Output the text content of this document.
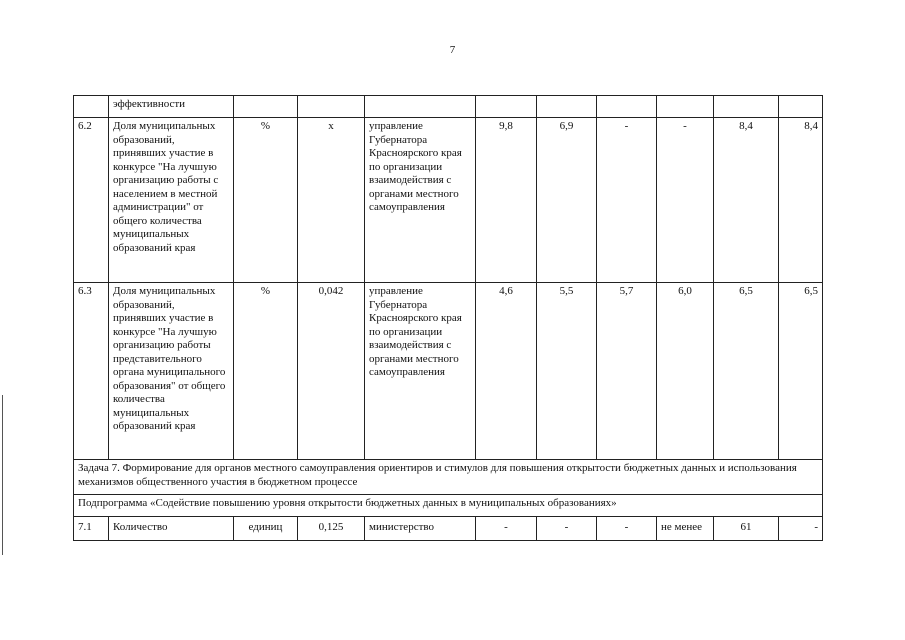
7
	эффективности									
6.2	Доля муниципальных образований, принявших участие в конкурсе "На лучшую организацию работы с населением в местной администрации" от общего количества муниципальных образований края	%	х	управление Губернатора Красноярского края по организации взаимодействия с органами местного самоуправления	9,8	6,9	-	-	8,4	8,4
6.3	Доля муниципальных образований, принявших участие в конкурсе "На лучшую организацию работы представительного органа муниципального образования" от общего количества муниципальных образований края	%	0,042	управление Губернатора Красноярского края по организации взаимодействия с органами местного самоуправления	4,6	5,5	5,7	6,0	6,5	6,5
Задача 7. Формирование для органов местного самоуправления ориентиров и стимулов для повышения открытости бюджетных данных и использования механизмов общественного участия в бюджетном процессе										
Подпрограмма «Содействие повышению уровня открытости бюджетных данных в муниципальных образованиях»										
7.1	Количество	единиц	0,125	министерство	-	-	-	не менее	61	-
